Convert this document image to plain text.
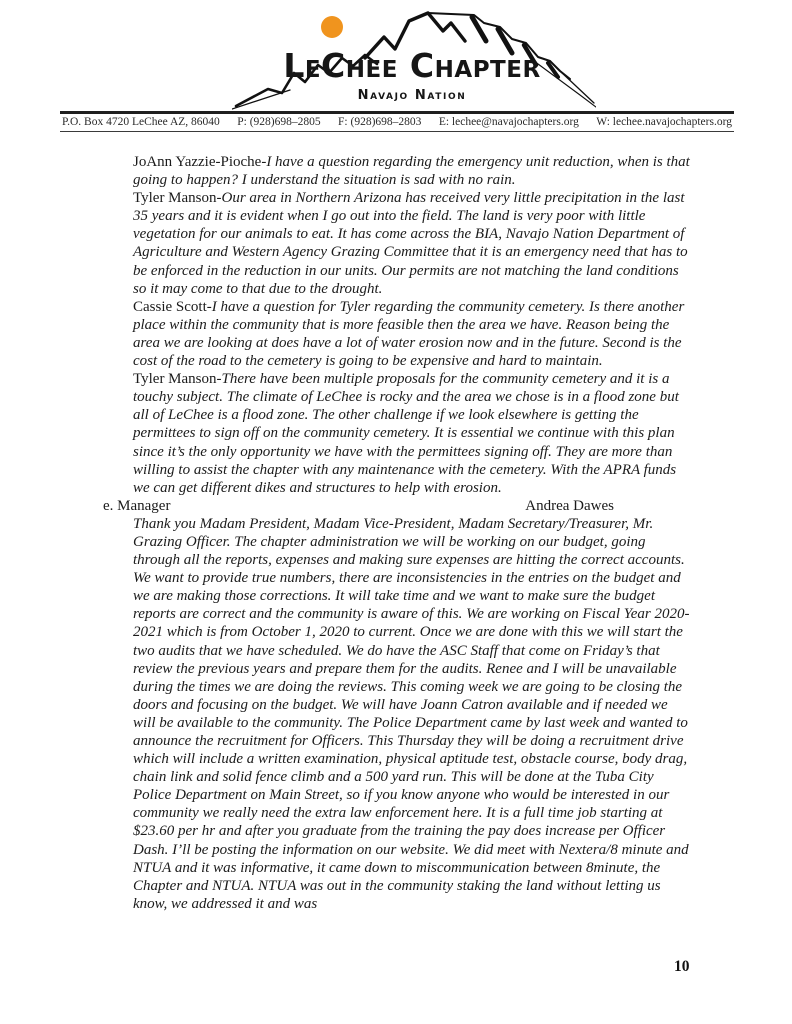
LeChee Chapter
Navajo Nation
P.O. Box 4720 LeChee AZ, 86040 P: (928)698–2805 F: (928)698–2803 E: lechee@navajochapters.org W: lechee.navajochapters.org

JoAnn Yazzie-Pioche-I have a question regarding the emergency unit reduction, when is that going to happen? I understand the situation is sad with no rain.

Tyler Manson-Our area in Northern Arizona has received very little precipitation in the last 35 years and it is evident when I go out into the field. The land is very poor with little vegetation for our animals to eat. It has come across the BIA, Navajo Nation Department of Agriculture and Western Agency Grazing Committee that it is an emergency need that has to be enforced in the reduction in our units. Our permits are not matching the land conditions so it may come to that due to the drought.

Cassie Scott-I have a question for Tyler regarding the community cemetery. Is there another place within the community that is more feasible then the area we have. Reason being the area we are looking at does have a lot of water erosion now and in the future. Second is the cost of the road to the cemetery is going to be expensive and hard to maintain.

Tyler Manson-There have been multiple proposals for the community cemetery and it is a touchy subject. The climate of LeChee is rocky and the area we chose is in a flood zone but all of LeChee is a flood zone. The other challenge if we look elsewhere is getting the permittees to sign off on the community cemetery. It is essential we continue with this plan since it’s the only opportunity we have with the permittees signing off. They are more than willing to assist the chapter with any maintenance with the cemetery. With the APRA funds we can get different dikes and structures to help with erosion.

e. Manager	Andrea Dawes

Thank you Madam President, Madam Vice-President, Madam Secretary/Treasurer, Mr. Grazing Officer. The chapter administration we will be working on our budget, going through all the reports, expenses and making sure expenses are hitting the correct accounts. We want to provide true numbers, there are inconsistencies in the entries on the budget and we are making those corrections. It will take time and we want to make sure the budget reports are correct and the community is aware of this. We are working on Fiscal Year 2020-2021 which is from October 1, 2020 to current. Once we are done with this we will start the two audits that we have scheduled. We do have the ASC Staff that come on Friday’s that review the previous years and prepare them for the audits. Renee and I will be unavailable during the times we are doing the reviews. This coming week we are going to be closing the doors and focusing on the budget. We will have Joann Catron available and if needed we will be available to the community. The Police Department came by last week and wanted to announce the recruitment for Officers. This Thursday they will be doing a recruitment drive which will include a written examination, physical aptitude test, obstacle course, body drag, chain link and solid fence climb and a 500 yard run. This will be done at the Tuba City Police Department on Main Street, so if you know anyone who would be interested in our community we really need the extra law enforcement here. It is a full time job starting at $23.60 per hr and after you graduate from the training the pay does increase per Officer Dash. I’ll be posting the information on our website. We did meet with Nextera/8 minute and NTUA and it was informative, it came down to miscommunication between 8minute, the Chapter and NTUA. NTUA was out in the community staking the land without letting us know, we addressed it and was

10
